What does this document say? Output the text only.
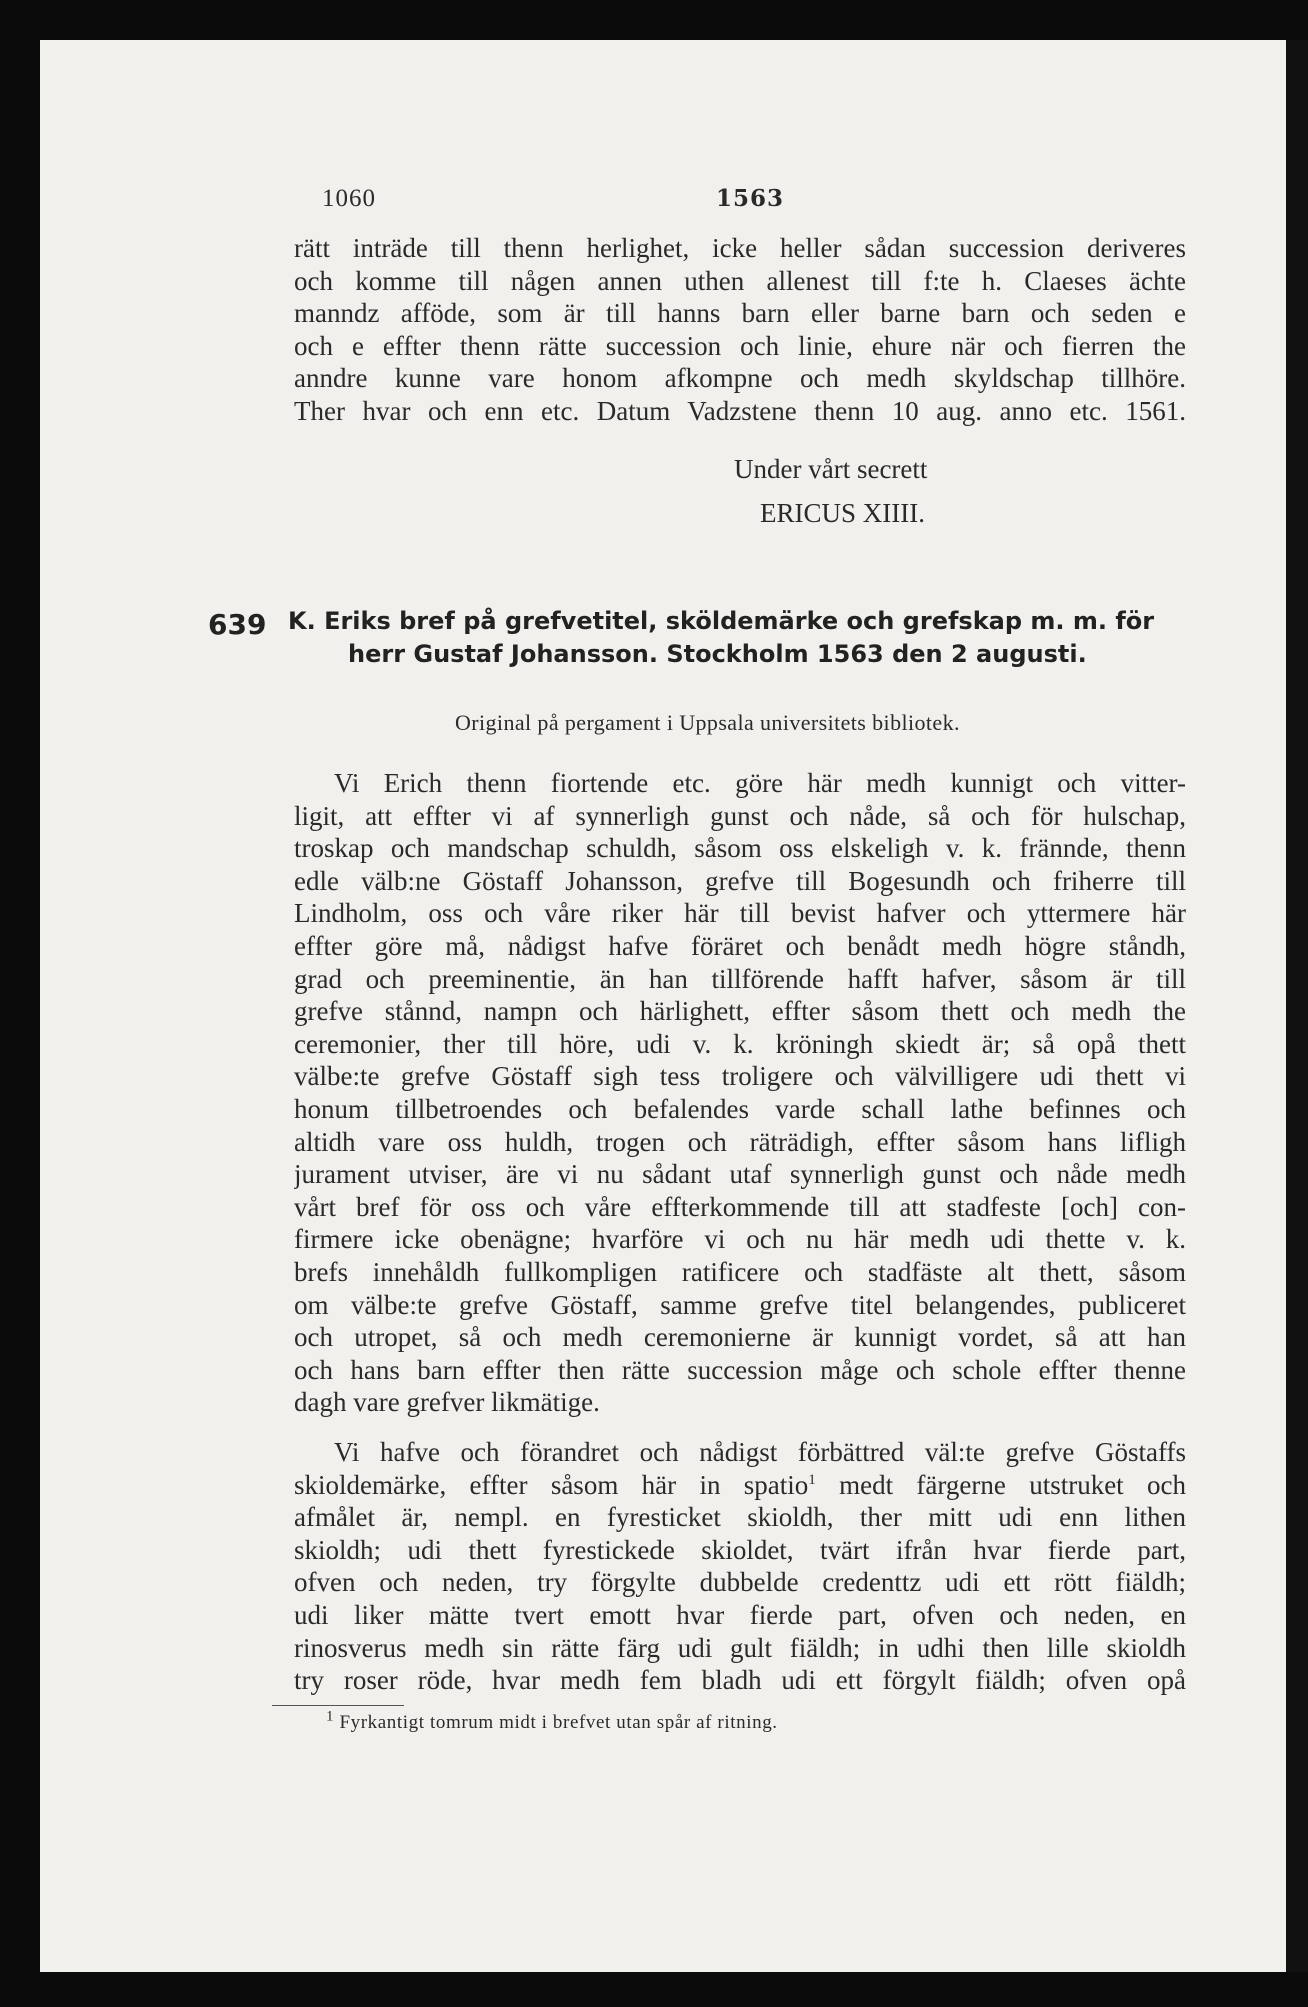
1060	1563
rätt inträde till thenn herlighet, icke heller sådan succession deriveres
och komme till någen annen uthen allenest till f:te h. Claeses ächte
manndz afföde, som är till hanns barn eller barne barn och seden e
och e effter thenn rätte succession och linie, ehure när och fierren the
anndre kunne vare honom afkompne och medh skyldschap tillhöre.
Ther hvar och enn etc. Datum Vadzstene thenn 10 aug. anno etc. 1561.
Under vårt secrett
ERICUS XIIII.
639 K. Eriks bref på grefvetitel, sköldemärke och grefskap m. m. för
herr Gustaf Johansson. Stockholm 1563 den 2 augusti.
Original på pergament i Uppsala universitets bibliotek.
Vi Erich thenn fiortende etc. göre här medh kunnigt och vitter-
ligit, att effter vi af synnerligh gunst och nåde, så och för hulschap,
troskap och mandschap schuldh, såsom oss elskeligh v. k. frännde, thenn
edle välb:ne Göstaff Johansson, grefve till Bogesundh och friherre till
Lindholm, oss och våre riker här till bevist hafver och yttermere här
effter göre må, nådigst hafve föräret och benådt medh högre ståndh,
grad och preeminentie, än han tillförende hafft hafver, såsom är till
grefve stånnd, nampn och härlighett, effter såsom thett och medh the
ceremonier, ther till höre, udi v. k. kröningh skiedt är; så opå thett
välbe:te grefve Göstaff sigh tess troligere och välvilligere udi thett vi
honum tillbetroendes och befalendes varde schall lathe befinnes och
altidh vare oss huldh, trogen och räträdigh, effter såsom hans lifligh
jurament utviser, äre vi nu sådant utaf synnerligh gunst och nåde medh
vårt bref för oss och våre effterkommende till att stadfeste [och] con-
firmere icke obenägne; hvarföre vi och nu här medh udi thette v. k.
brefs innehåldh fullkompligen ratificere och stadfäste alt thett, såsom
om välbe:te grefve Göstaff, samme grefve titel belangendes, publiceret
och utropet, så och medh ceremonierne är kunnigt vordet, så att han
och hans barn effter then rätte succession måge och schole effter thenne
dagh vare grefver likmätige.
Vi hafve och förandret och nådigst förbättred väl:te grefve Göstaffs
skioldemärke, effter såsom här in spatio$^1$ medt färgerne utstruket och
afmålet är, nempl. en fyresticket skioldh, ther mitt udi enn lithen
skioldh; udi thett fyrestickede skioldet, tvärt ifrån hvar fierde part,
ofven och neden, try förgylte dubbelde credenttz udi ett rött fiäldh;
udi liker mätte tvert emott hvar fierde part, ofven och neden, en
rinosverus medh sin rätte färg udi gult fiäldh; in udhi then lille skioldh
try roser röde, hvar medh fem bladh udi ett förgylt fiäldh; ofven opå
$^1$ Fyrkantigt tomrum midt i brefvet utan spår af ritning.
